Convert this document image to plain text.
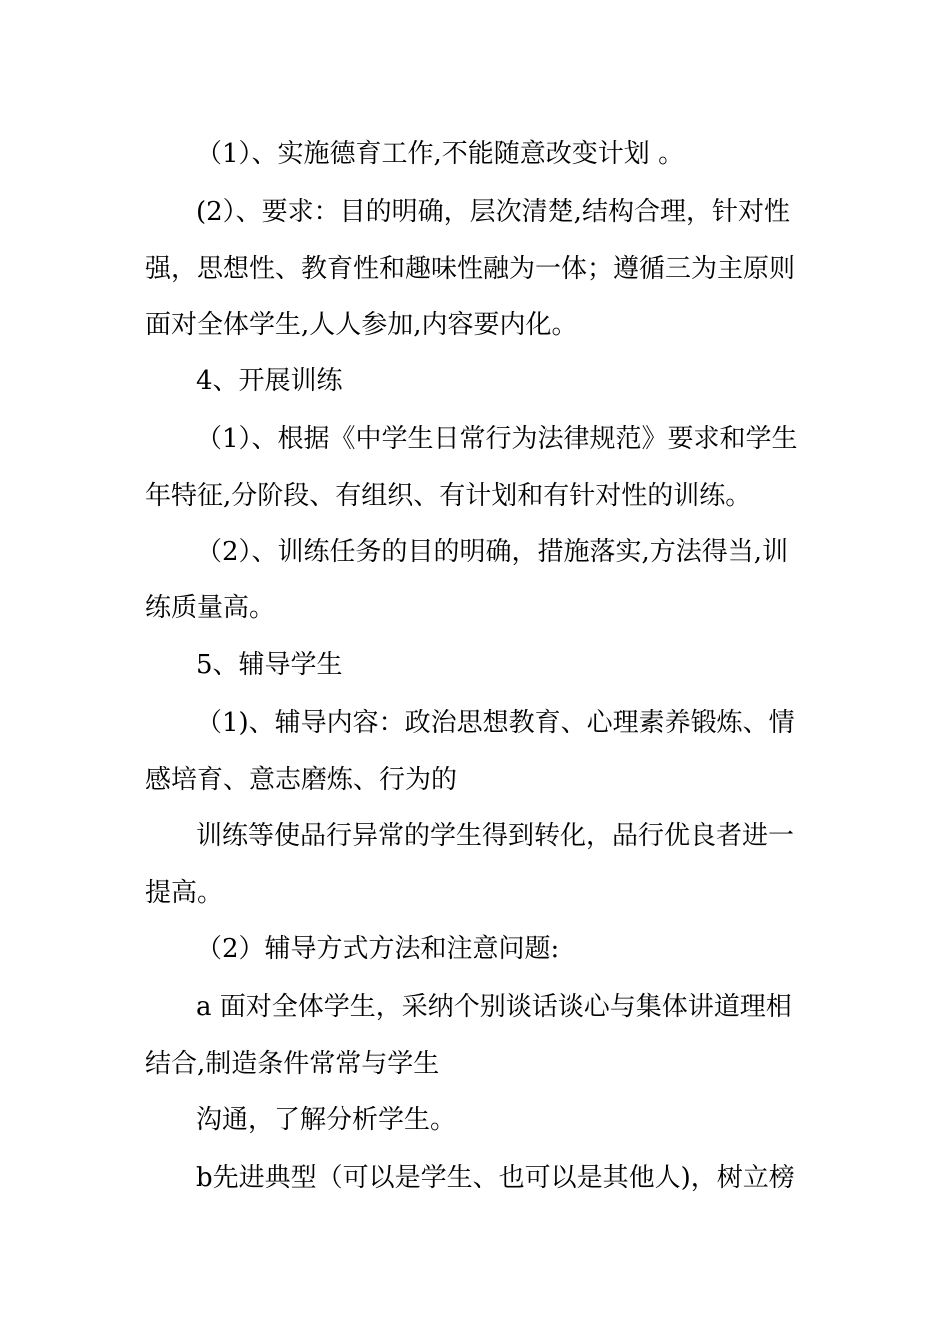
（1）、实施德育工作,不能随意改变计划 。
(2）、要求：目的明确，层次清楚,结构合理，针对性
强，思想性、教育性和趣味性融为一体；遵循三为主原则
面对全体学生,人人参加,内容要内化。
4、开展训练
（1）、根据《中学生日常行为法律规范》要求和学生
年特征,分阶段、有组织、有计划和有针对性的训练。
（2）、训练任务的目的明确，措施落实,方法得当,训
练质量高。
5、辅导学生
（1)、辅导内容：政治思想教育、心理素养锻炼、情
感培育、意志磨炼、行为的
训练等使品行异常的学生得到转化，品行优良者进一
提高。
（2）辅导方式方法和注意问题:
a 面对全体学生，采纳个别谈话谈心与集体讲道理相
结合,制造条件常常与学生
沟通，了解分析学生。
b先进典型（可以是学生、也可以是其他人)，树立榜
